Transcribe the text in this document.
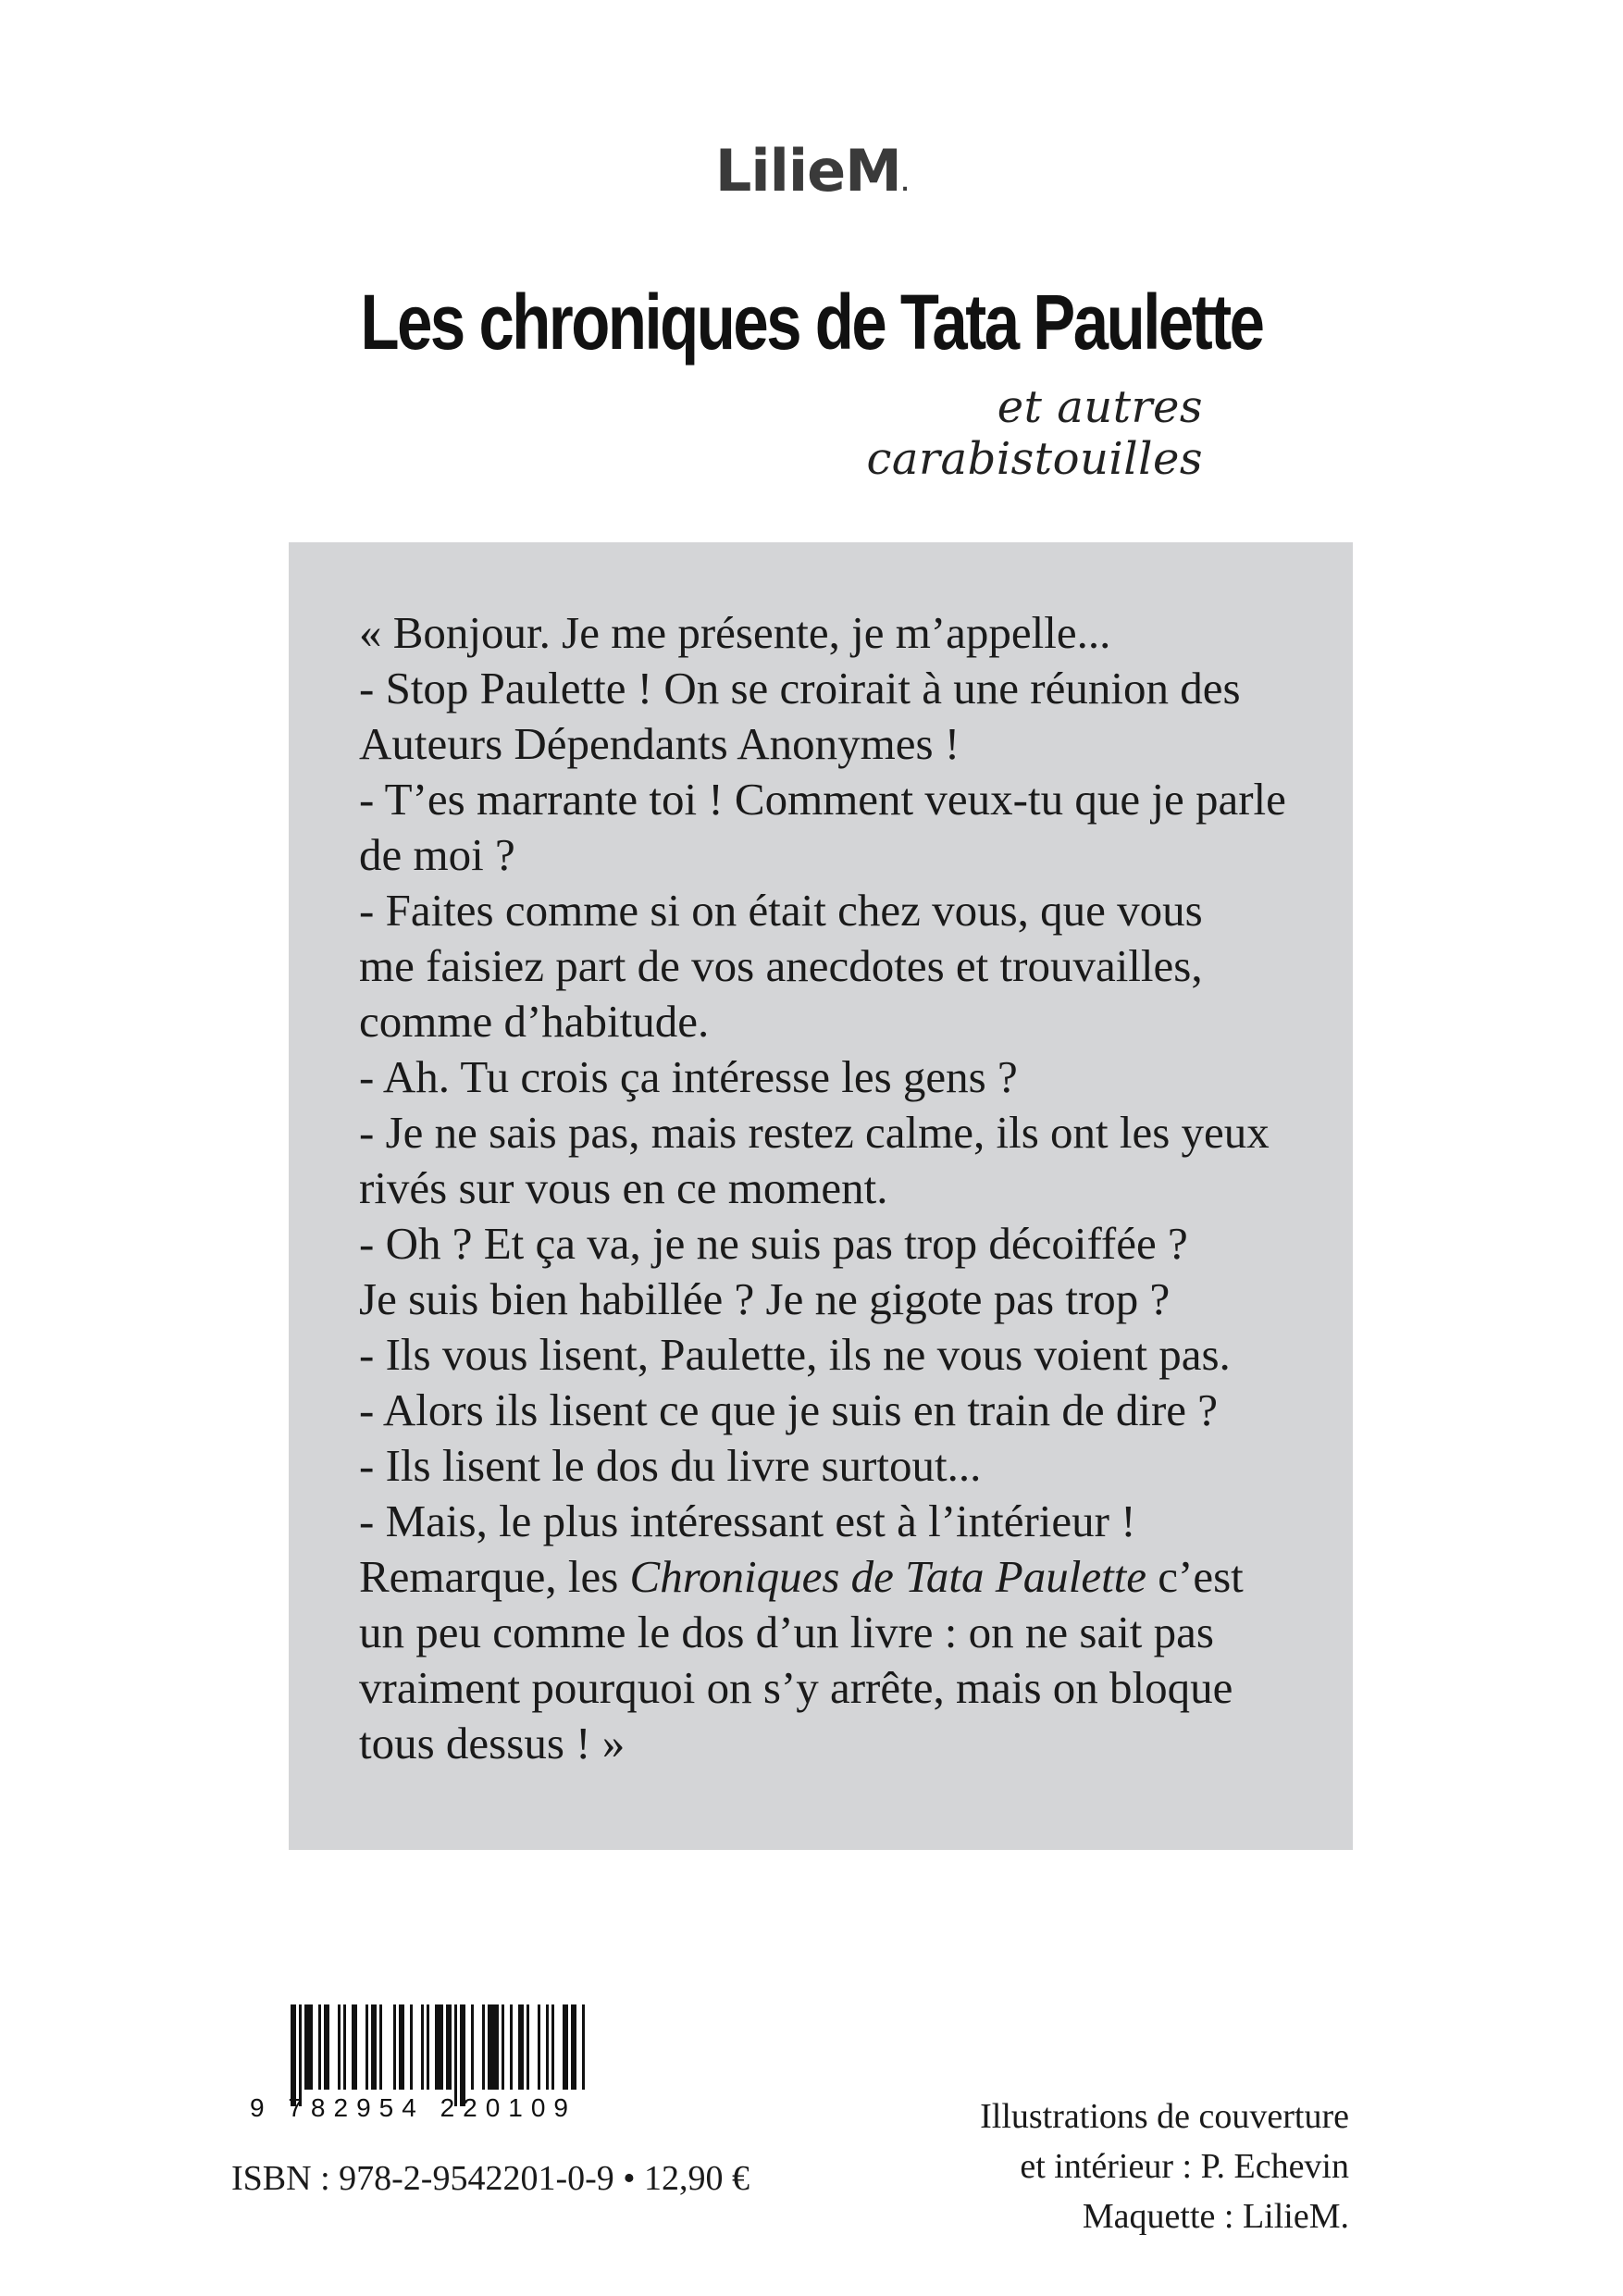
LilieM.
Les chroniques de Tata Paulette
et autres carabistouilles
« Bonjour. Je me présente, je m’appelle...
- Stop Paulette ! On se croirait à une réunion des
Auteurs Dépendants Anonymes !
- T’es marrante toi ! Comment veux-tu que je parle
de moi ?
- Faites comme si on était chez vous, que vous
me faisiez part de vos anecdotes et trouvailles,
comme d’habitude.
- Ah. Tu crois ça intéresse les gens ?
- Je ne sais pas, mais restez calme, ils ont les yeux
rivés sur vous en ce moment.
- Oh ? Et ça va, je ne suis pas trop décoiffée ?
Je suis bien habillée ? Je ne gigote pas trop ?
- Ils vous lisent, Paulette, ils ne vous voient pas.
- Alors ils lisent ce que je suis en train de dire ?
- Ils lisent le dos du livre surtout...
- Mais, le plus intéressant est à l’intérieur !
Remarque, les Chroniques de Tata Paulette c’est
un peu comme le dos d’un livre : on ne sait pas
vraiment pourquoi on s’y arrête, mais on bloque
tous dessus ! »
9 782954 220109
ISBN : 978-2-9542201-0-9 • 12,90 €
Illustrations de couverture
et intérieur : P. Echevin
Maquette : LilieM.
